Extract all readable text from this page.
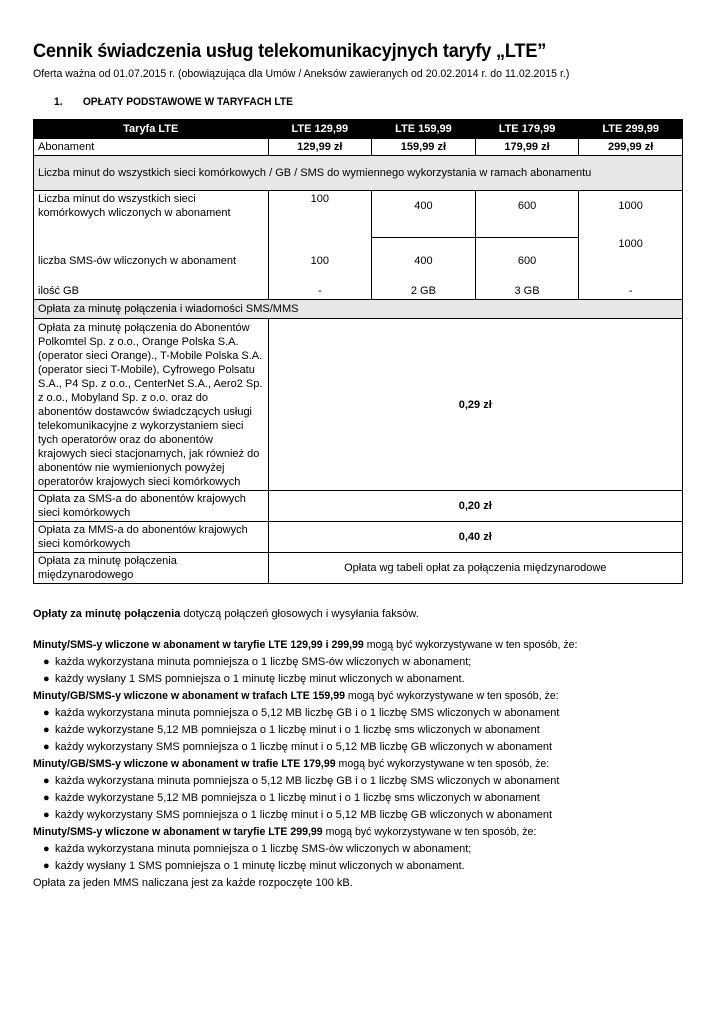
Cennik świadczenia usług telekomunikacyjnych taryfy „LTE”
Oferta ważna od 01.07.2015 r. (obowiązująca dla Umów / Aneksów zawieranych od 20.02.2014 r. do 11.02.2015 r.)
1. OPŁATY PODSTAWOWE W TARYFACH LTE
Taryfa LTE	LTE 129,99	LTE 159,99	LTE 179,99	LTE 299,99
Abonament	129,99 zł	159,99 zł	179,99 zł	299,99 zł
Liczba minut do wszystkich sieci komórkowych / GB / SMS do wymiennego wykorzystania w ramach abonamentu				
Liczba minut do wszystkich sieci komórkowych wliczonych w abonament	100	400	600	1000
liczba SMS-ów wliczonych w abonament	100	400	600	1000
ilość GB	-	2 GB	3 GB	-
Opłata za minutę połączenia i wiadomości SMS/MMS				
Opłata za minutę połączenia do Abonentów Polkomtel Sp. z o.o., Orange Polska S.A. (operator sieci Orange)., T-Mobile Polska S.A. (operator sieci T-Mobile), Cyfrowego Polsatu S.A., P4 Sp. z o.o., CenterNet S.A., Aero2 Sp. z o.o., Mobyland Sp. z o.o. oraz do abonentów dostawców świadczących usługi telekomunikacyjne z wykorzystaniem sieci tych operatorów oraz do abonentów krajowych sieci stacjonarnych, jak również do abonentów nie wymienionych powyżej operatorów krajowych sieci komórkowych	0,29 zł			
Opłata za SMS-a do abonentów krajowych sieci komórkowych	0,20 zł			
Opłata za MMS-a do abonentów krajowych sieci komórkowych	0,40 zł			
Opłata za minutę połączenia międzynarodowego	Opłata wg tabeli opłat za połączenia międzynarodowe			

Opłaty za minutę połączenia dotyczą połączeń głosowych i wysyłania faksów.

Minuty/SMS-y wliczone w abonament w taryfie LTE 129,99 i 299,99 mogą być wykorzystywane w ten sposób, że:

● każda wykorzystana minuta pomniejsza o 1 liczbę SMS-ów wliczonych w abonament;
● każdy wysłany 1 SMS pomniejsza o 1 minutę liczbę minut wliczonych w abonament.

Minuty/GB/SMS-y wliczone w abonament w trafach LTE 159,99 mogą być wykorzystywane w ten sposób, że:

● każda wykorzystana minuta pomniejsza o 5,12 MB liczbę GB i o 1 liczbę SMS wliczonych w abonament
● każde wykorzystane 5,12 MB pomniejsza o 1 liczbę minut i o 1 liczbę sms wliczonych w abonament
● każdy wykorzystany SMS pomniejsza o 1 liczbę minut i o 5,12 MB liczbę GB wliczonych w abonament

Minuty/GB/SMS-y wliczone w abonament w trafie LTE 179,99 mogą być wykorzystywane w ten sposób, że:

● każda wykorzystana minuta pomniejsza o 5,12 MB liczbę GB i o 1 liczbę SMS wliczonych w abonament
● każde wykorzystane 5,12 MB pomniejsza o 1 liczbę minut i o 1 liczbę sms wliczonych w abonament
● każdy wykorzystany SMS pomniejsza o 1 liczbę minut i o 5,12 MB liczbę GB wliczonych w abonament

Minuty/SMS-y wliczone w abonament w taryfie LTE 299,99 mogą być wykorzystywane w ten sposób, że:

● każda wykorzystana minuta pomniejsza o 1 liczbę SMS-ów wliczonych w abonament;
● każdy wysłany 1 SMS pomniejsza o 1 minutę liczbę minut wliczonych w abonament.

Opłata za jeden MMS naliczana jest za każde rozpoczęte 100 kB.
